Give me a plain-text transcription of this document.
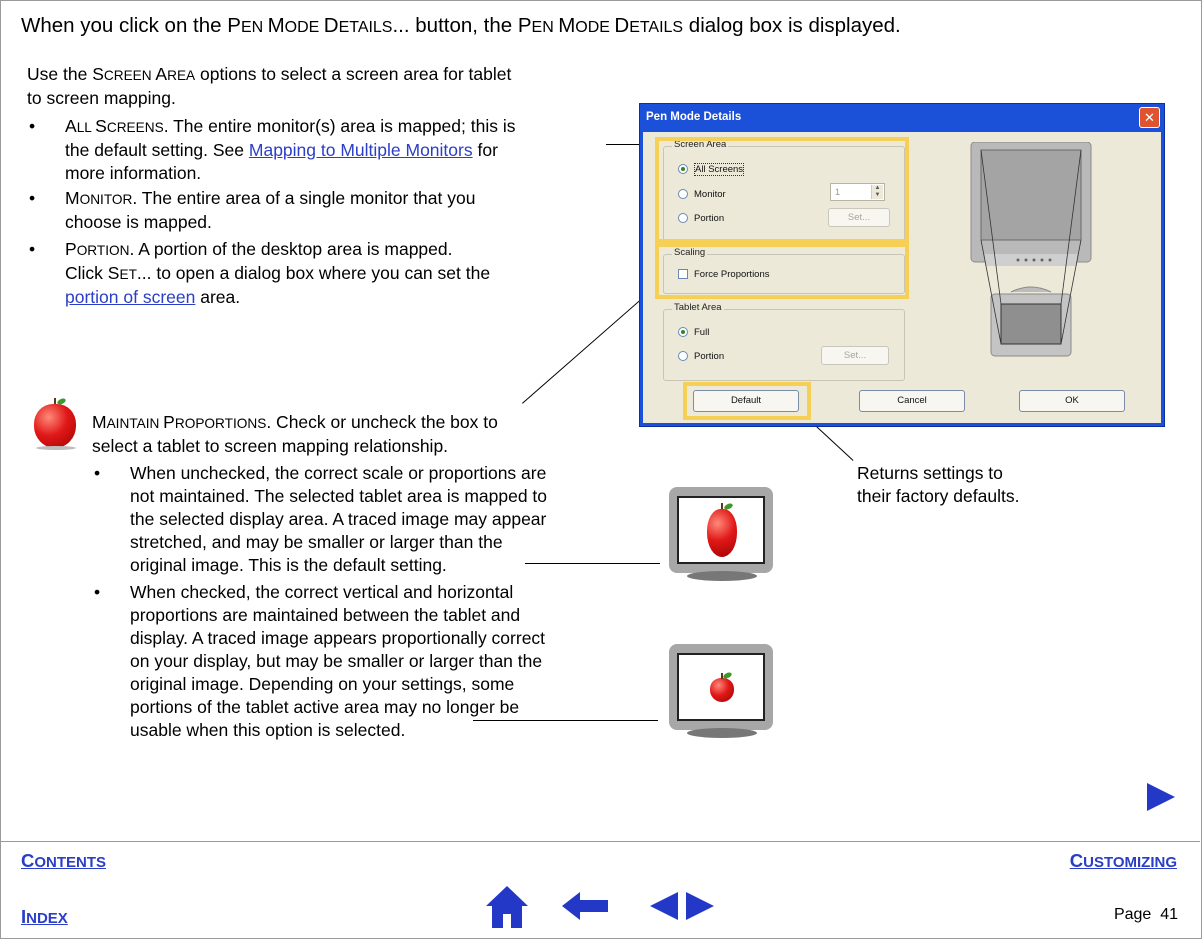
When you click on the PEN MODE DETAILS... button, the PEN MODE DETAILS dialog box is displayed.
Use the SCREEN AREA options to select a screen area for tablet
to screen mapping.
• ALL SCREENS. The entire monitor(s) area is mapped; this is
the default setting. See Mapping to Multiple Monitors for
more information.
• MONITOR. The entire area of a single monitor that you
choose is mapped.
• PORTION. A portion of the desktop area is mapped.
Click SET... to open a dialog box where you can set the
portion of screen area.
MAINTAIN PROPORTIONS. Check or uncheck the box to
select a tablet to screen mapping relationship.
• When unchecked, the correct scale or proportions are
not maintained. The selected tablet area is mapped to
the selected display area. A traced image may appear
stretched, and may be smaller or larger than the
original image. This is the default setting.
• When checked, the correct vertical and horizontal
proportions are maintained between the tablet and
display. A traced image appears proportionally correct
on your display, but may be smaller or larger than the
original image. Depending on your settings, some
portions of the tablet active area may no longer be
usable when this option is selected.
Pen Mode Details	✕
Screen Area
All Screens
Monitor
Portion
1	▲
▼
Set...
Scaling
Force Proportions
Tablet Area
Full
Portion	Set...
Default	Cancel	OK
Returns settings to
their factory defaults.
CONTENTS	CUSTOMIZING
INDEX	Page 41
